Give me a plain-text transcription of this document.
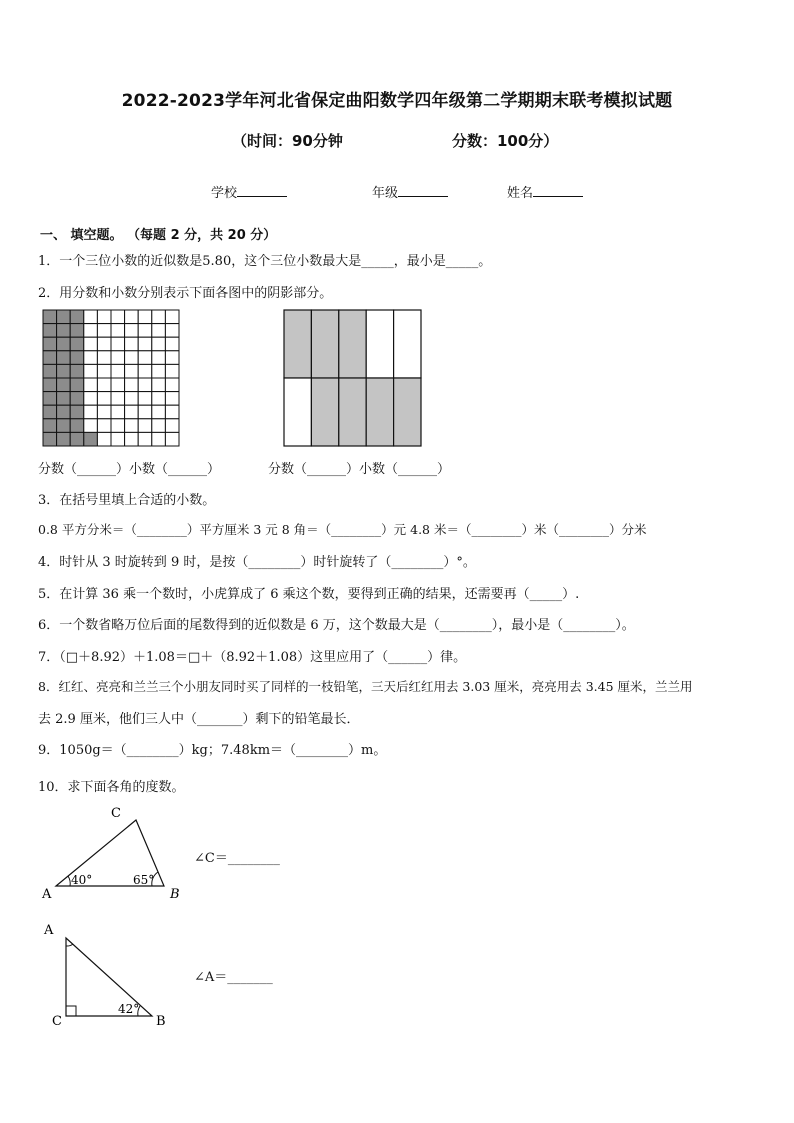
2022-2023学年河北省保定曲阳数学四年级第二学期期末联考模拟试题
（时间：90分钟	分数：100分）
学校	年级	姓名
一、 填空题。 （每题 2 分，共 20 分）
1．一个三位小数的近似数是5.80，这个三位小数最大是_____，最小是_____。
2．用分数和小数分别表示下面各图中的阴影部分。
分数（______）小数（______）	分数（______）小数（______）
3．在括号里填上合适的小数。
0.8 平方分米＝（________）平方厘米 3 元 8 角＝（________）元 4.8 米＝（________）米（________）分米
4．时针从 3 时旋转到 9 时，是按（________）时针旋转了（________）°。
5．在计算 36 乘一个数时，小虎算成了 6 乘这个数，要得到正确的结果，还需要再（_____）.
6．一个数省略万位后面的尾数得到的近似数是 6 万，这个数最大是（________），最小是（________）。
7．（□＋8.92）＋1.08＝□＋（8.92＋1.08）这里应用了（______）律。
8．红红、亮亮和兰兰三个小朋友同时买了同样的一枝铅笔，三天后红红用去 3.03 厘米，亮亮用去 3.45 厘米，兰兰用
去 2.9 厘米，他们三人中（_______）剩下的铅笔最长．
9．1050g＝（________）kg；7.48km＝（________）m。
10．求下面各角的度数。
A	B
C
40°	65°
∠C＝________
A
B
C
42°
∠A＝_______
